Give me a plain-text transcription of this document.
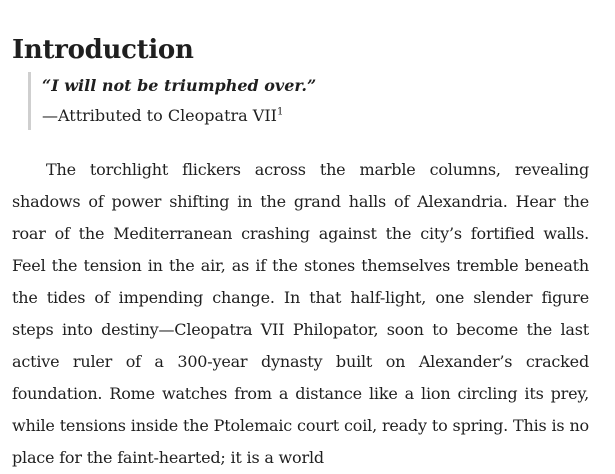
Introduction
“I will not be triumphed over.”
—Attributed to Cleopatra VII$^1$

The torchlight flickers across the marble columns, revealing shadows of power shifting in the grand halls of Alexandria. Hear the roar of the Mediterranean crashing against the city’s fortified walls. Feel the tension in the air, as if the stones themselves tremble beneath the tides of impending change. In that half-light, one slender figure steps into destiny—Cleopatra VII Philopator, soon to become the last active ruler of a 300-year dynasty built on Alexander’s cracked foundation. Rome watches from a distance like a lion circling its prey, while tensions inside the Ptolemaic court coil, ready to spring. This is no place for the faint-hearted; it is a world
